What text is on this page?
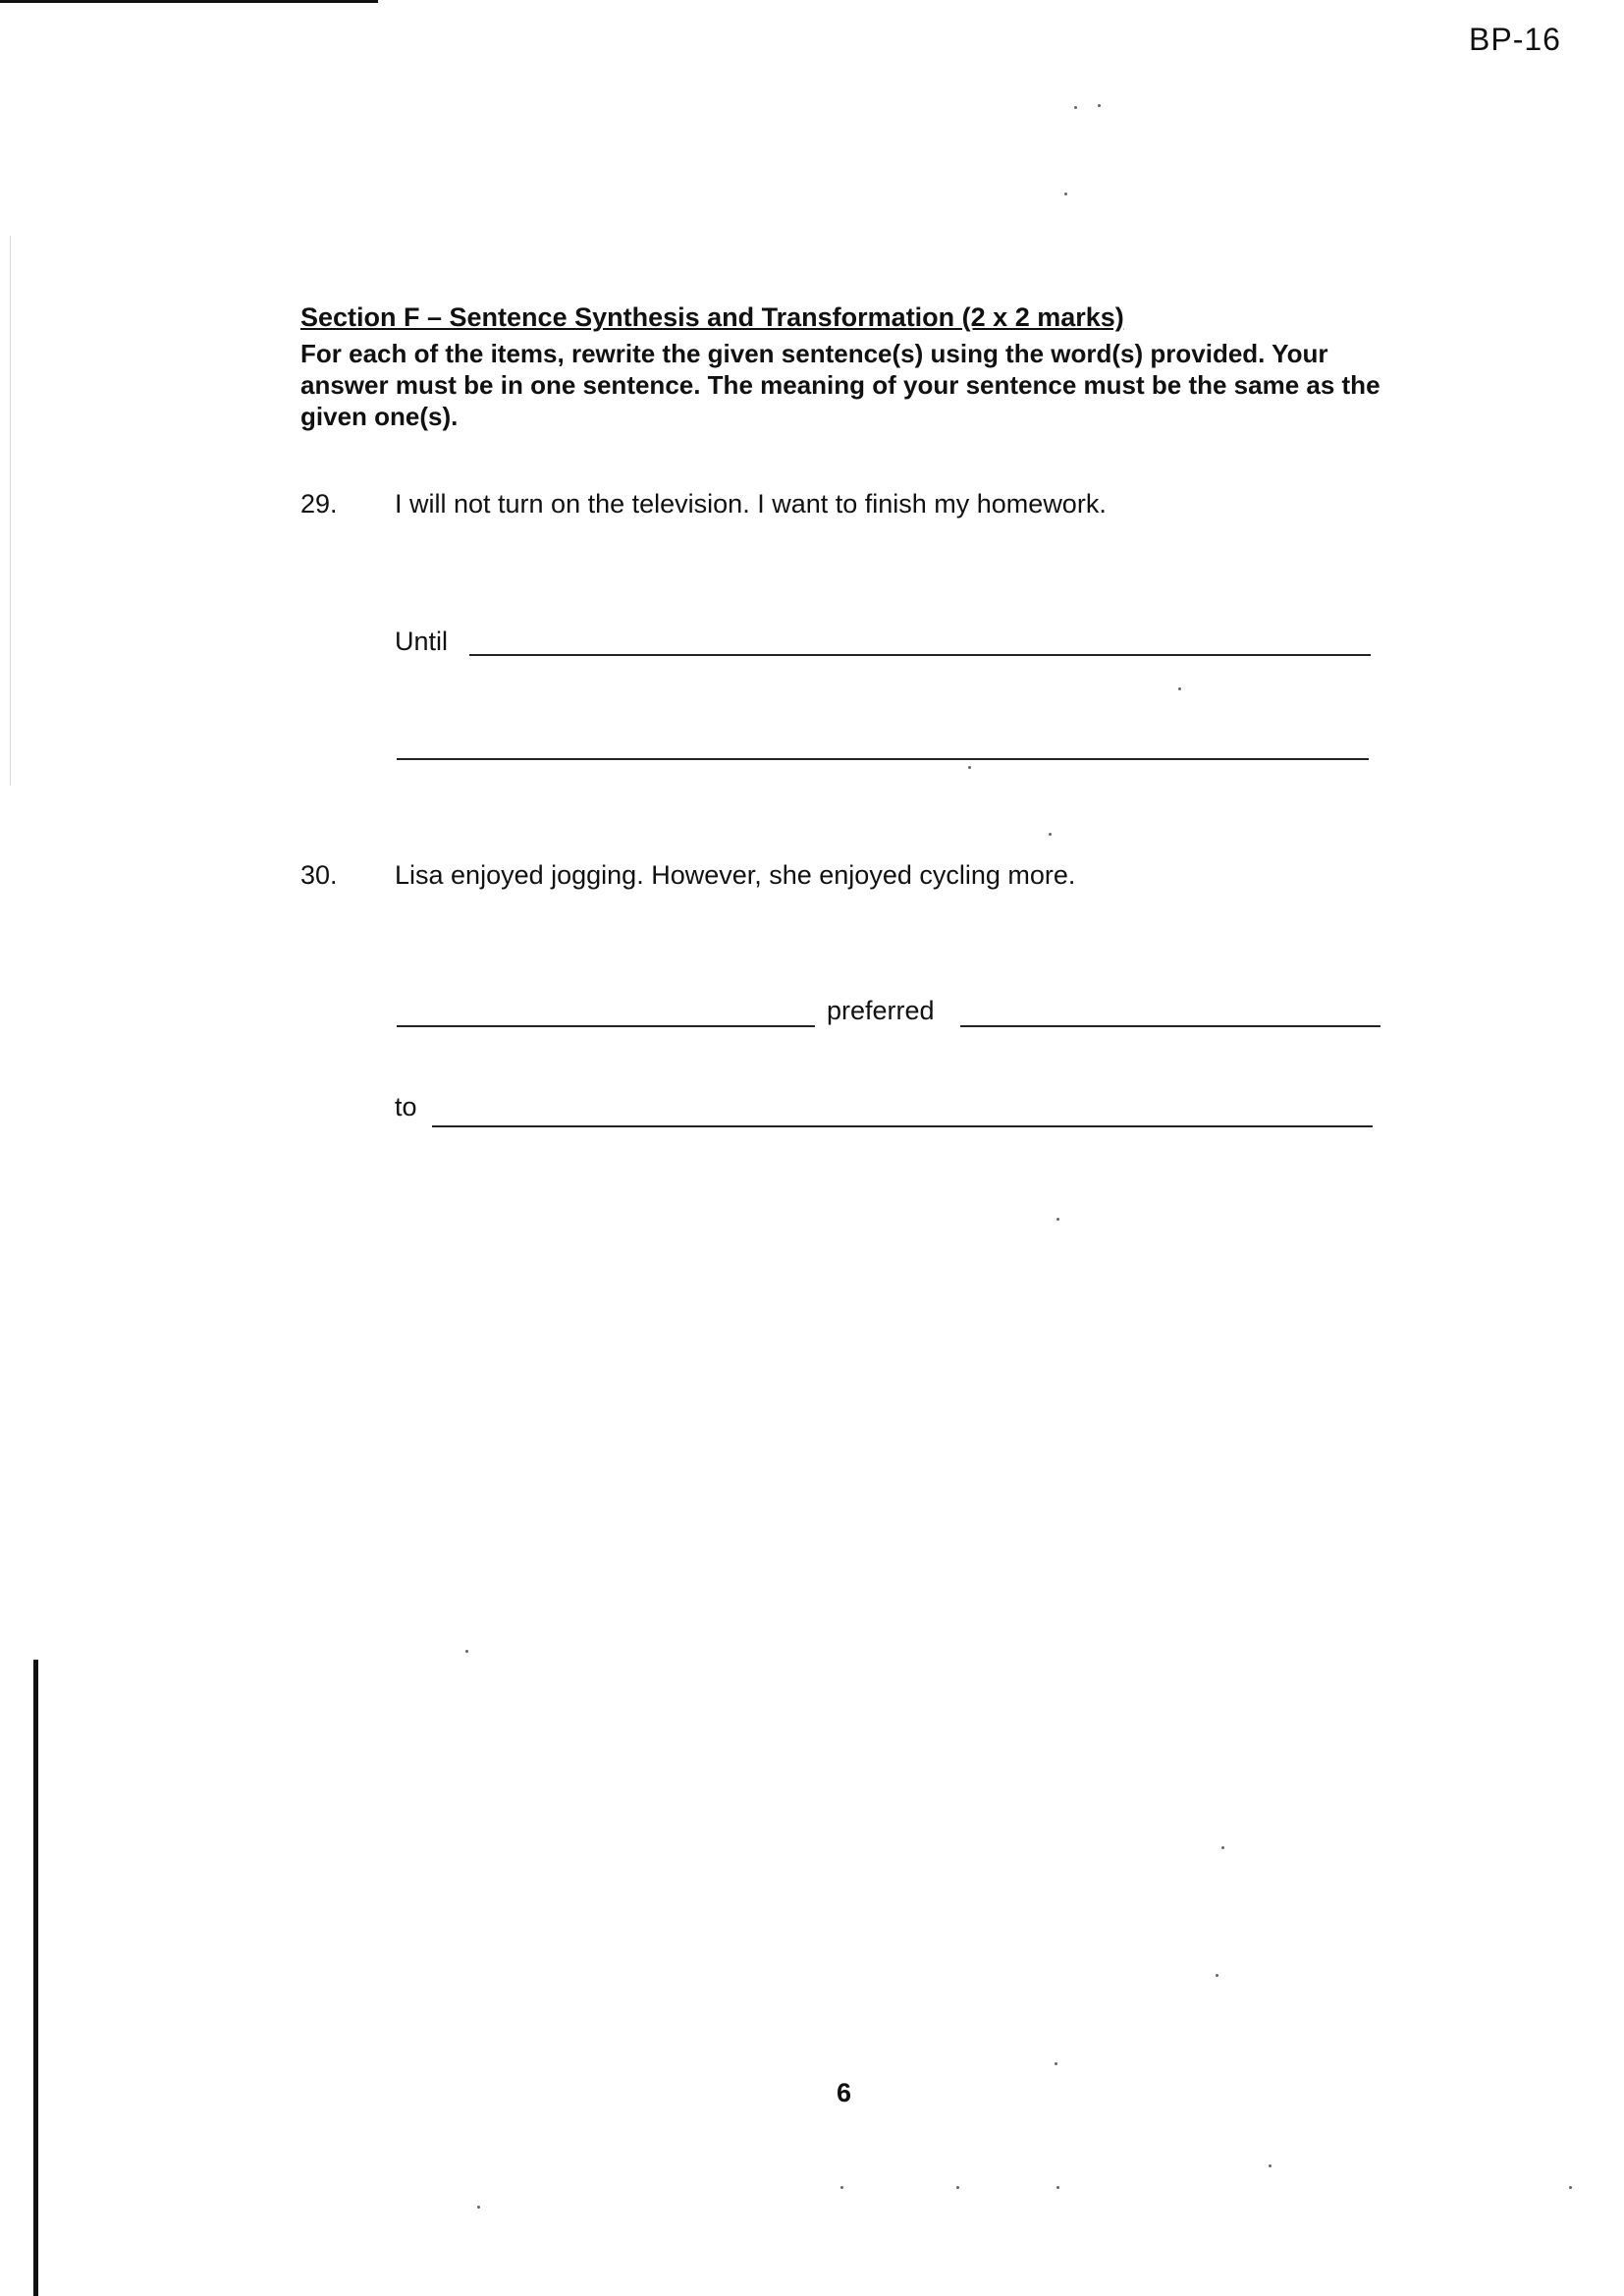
BP-16
Section F – Sentence Synthesis and Transformation (2 x 2 marks)

For each of the items, rewrite the given sentence(s) using the word(s) provided. Your answer must be in one sentence. The meaning of your sentence must be the same as the given one(s).

29. I will not turn on the television. I want to finish my homework.
Until
30. Lisa enjoyed jogging. However, she enjoyed cycling more.
preferred
to
6
